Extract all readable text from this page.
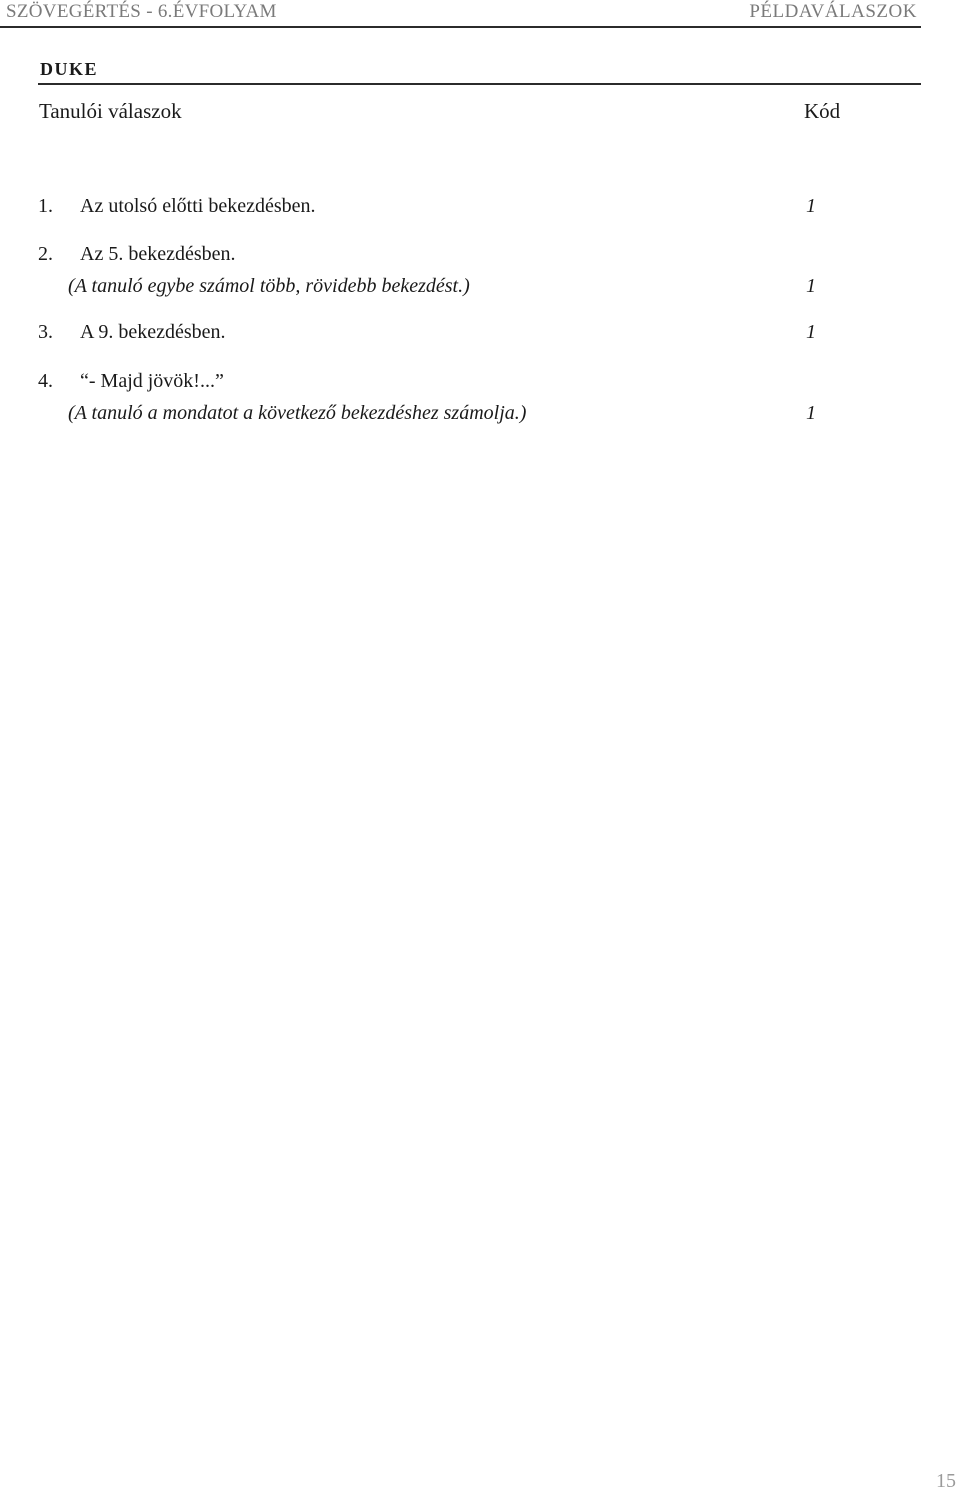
SZÖVEGÉRTÉS - 6.ÉVFOLYAM	PÉLDAVÁLASZOK
DUKE
Tanulói válaszok	Kód
1. Az utolsó előtti bekezdésben.	1
2. Az 5. bekezdésben.
(A tanuló egybe számol több, rövidebb bekezdést.)	1
3. A 9. bekezdésben.	1
4. “- Majd jövök!...”
(A tanuló a mondatot a következő bekezdéshez számolja.)	1
15
